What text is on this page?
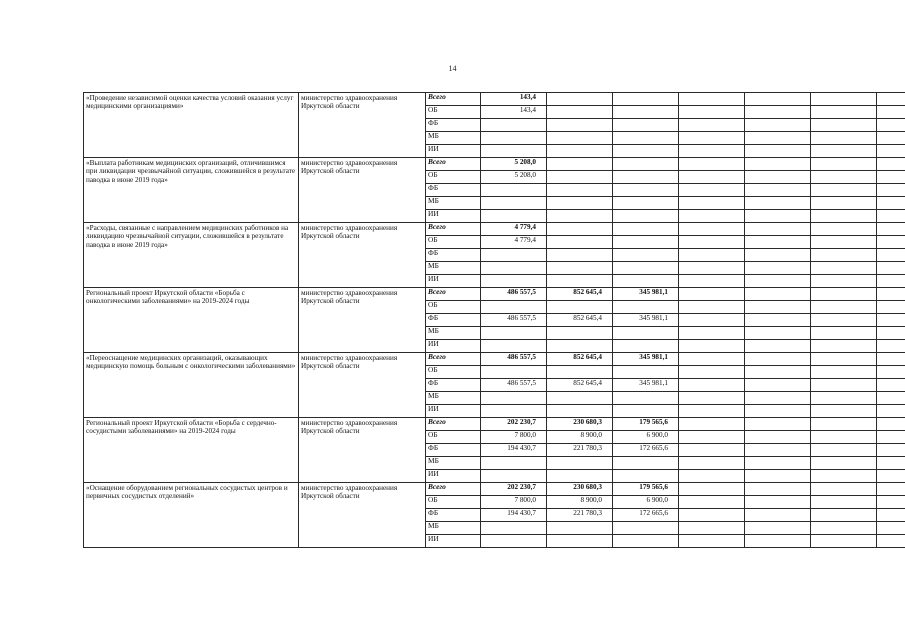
14
«Проведение независимой оценки качества условий оказания услуг медицинскими организациями»	министерство здравоохранения Иркутской области	Всего	143,4						
		ОБ	143,4						
		ФБ							
		МБ							
		ИИ							
«Выплата работникам медицинских организаций, отличившимся при ликвидации чрезвычайной ситуации, сложившейся в результате паводка в июне 2019 года»	министерство здравоохранения Иркутской области	Всего	5 208,0						
		ОБ	5 208,0						
		ФБ							
		МБ							
		ИИ							
«Расходы, связанные с направлением медицинских работников на ликвидацию чрезвычайной ситуации, сложившейся в результате паводка в июне 2019 года»	министерство здравоохранения Иркутской области	Всего	4 779,4						
		ОБ	4 779,4						
		ФБ							
		МБ							
		ИИ							
Региональный проект Иркутской области «Борьба с онкологическими заболеваниями» на 2019-2024 годы	министерство здравоохранения Иркутской области	Всего	486 557,5	852 645,4	345 981,1				
		ОБ							
		ФБ	486 557,5	852 645,4	345 981,1				
		МБ							
		ИИ							
«Переоснащение медицинских организаций, оказывающих медицинскую помощь больным с онкологическими заболеваниями»	министерство здравоохранения Иркутской области	Всего	486 557,5	852 645,4	345 981,1				
		ОБ							
		ФБ	486 557,5	852 645,4	345 981,1				
		МБ							
		ИИ							
Региональный проект Иркутской области «Борьба с сердечно-сосудистыми заболеваниями» на 2019-2024 годы	министерство здравоохранения Иркутской области	Всего	202 230,7	230 680,3	179 565,6				
		ОБ	7 800,0	8 900,0	6 900,0				
		ФБ	194 430,7	221 780,3	172 665,6				
		МБ							
		ИИ							
«Оснащение оборудованием региональных сосудистых центров и первичных сосудистых отделений»	министерство здравоохранения Иркутской области	Всего	202 230,7	230 680,3	179 565,6				
		ОБ	7 800,0	8 900,0	6 900,0				
		ФБ	194 430,7	221 780,3	172 665,6				
		МБ							
		ИИ							
